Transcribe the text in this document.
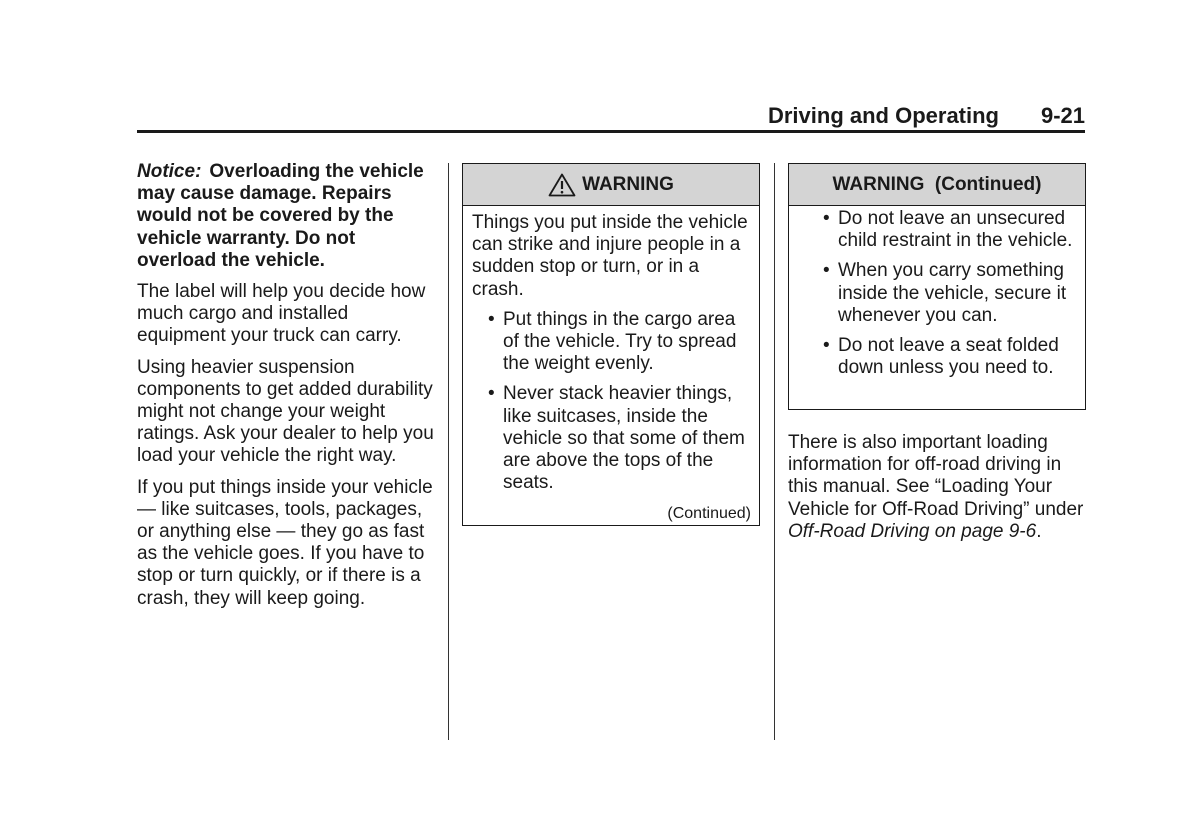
Driving and Operating 9-21

Notice: Overloading the vehicle may cause damage. Repairs would not be covered by the vehicle warranty. Do not overload the vehicle.

The label will help you decide how much cargo and installed equipment your truck can carry.

Using heavier suspension components to get added durability might not change your weight ratings. Ask your dealer to help you load your vehicle the right way.

If you put things inside your vehicle — like suitcases, tools, packages, or anything else — they go as fast as the vehicle goes. If you have to stop or turn quickly, or if there is a crash, they will keep going.

WARNING

Things you put inside the vehicle can strike and injure people in a sudden stop or turn, or in a crash.

• Put things in the cargo area of the vehicle. Try to spread the weight evenly.
• Never stack heavier things, like suitcases, inside the vehicle so that some of them are above the tops of the seats.
(Continued)
WARNING  (Continued)
• Do not leave an unsecured child restraint in the vehicle.
• When you carry something inside the vehicle, secure it whenever you can.
• Do not leave a seat folded down unless you need to.

There is also important loading information for off-road driving in this manual. See “Loading Your Vehicle for Off-Road Driving” under Off-Road Driving on page 9-6.
